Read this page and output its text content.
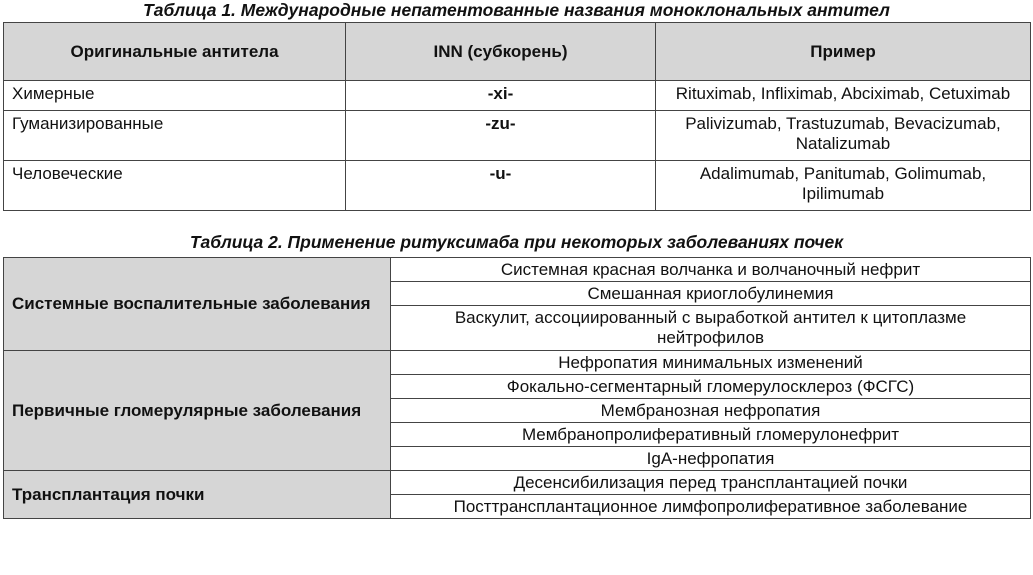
Таблица 1. Международные непатентованные названия моноклональных антител
Оригинальные антитела	INN (субкорень)	Пример
Химерные	-xi-	Rituximab, Infliximab, Abciximab, Cetuximab
Гуманизированные	-zu-	Palivizumab, Trastuzumab, Bevacizumab, Natalizumab
Человеческие	-u-	Adalimumab, Panitumab, Golimumab, Ipilimumab
Таблица 2. Применение ритуксимаба при некоторых заболеваниях почек
Системные воспалительные заболевания	Системная красная волчанка и волчаночный нефрит
	Смешанная криоглобулинемия
	Васкулит, ассоциированный с выработкой антител к цитоплазме нейтрофилов
Первичные гломерулярные заболевания	Нефропатия минимальных изменений
	Фокально-сегментарный гломерулосклероз (ФСГС)
	Мембранозная нефропатия
	Мембранопролиферативный гломерулонефрит
	IgA-нефропатия
Трансплантация почки	Десенсибилизация перед трансплантацией почки
	Посттрансплантационное лимфопролиферативное заболевание
